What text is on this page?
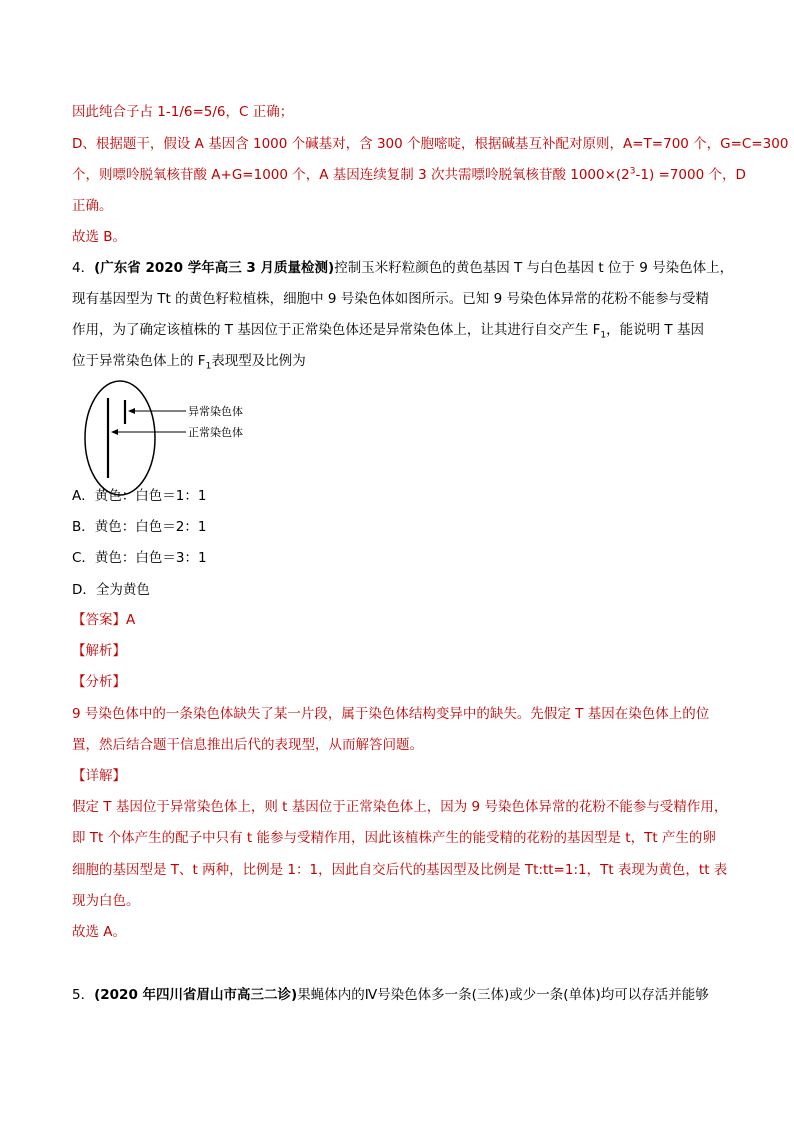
因此纯合子占 1-1/6=5/6，C 正确；
D、根据题干，假设 A 基因含 1000 个碱基对，含 300 个胞嘧啶，根据碱基互补配对原则，A=T=700 个，G=C=300
个，则嘌呤脱氧核苷酸 A+G=1000 个，A 基因连续复制 3 次共需嘌呤脱氧核苷酸 $1000\times(2^3-1) =7000$ 个，D
正确。
故选 B。
4．(广东省 2020 学年高三 3 月质量检测)控制玉米籽粒颜色的黄色基因 T 与白色基因 t 位于 9 号染色体上，
现有基因型为 Tt 的黄色籽粒植株，细胞中 9 号染色体如图所示。已知 9 号染色体异常的花粉不能参与受精
作用，为了确定该植株的 T 基因位于正常染色体还是异常染色体上，让其进行自交产生 $F_1$，能说明 T 基因
位于异常染色体上的 $F_1$表现型及比例为
异常染色体
正常染色体
A．黄色：白色＝1：1
B．黄色：白色＝2：1
C．黄色：白色＝3：1
D．全为黄色
【答案】A
【解析】
【分析】
9 号染色体中的一条染色体缺失了某一片段，属于染色体结构变异中的缺失。先假定 T 基因在染色体上的位
置，然后结合题干信息推出后代的表现型，从而解答问题。
【详解】
假定 T 基因位于异常染色体上，则 t 基因位于正常染色体上，因为 9 号染色体异常的花粉不能参与受精作用，
即 Tt 个体产生的配子中只有 t 能参与受精作用，因此该植株产生的能受精的花粉的基因型是 t，Tt 产生的卵
细胞的基因型是 T、t 两种，比例是 1：1，因此自交后代的基因型及比例是 Tt:tt=1:1，Tt 表现为黄色，tt 表
现为白色。
故选 A。
5．(2020 年四川省眉山市高三二诊)果蝇体内的Ⅳ号染色体多一条(三体)或少一条(单体)均可以存活并能够
